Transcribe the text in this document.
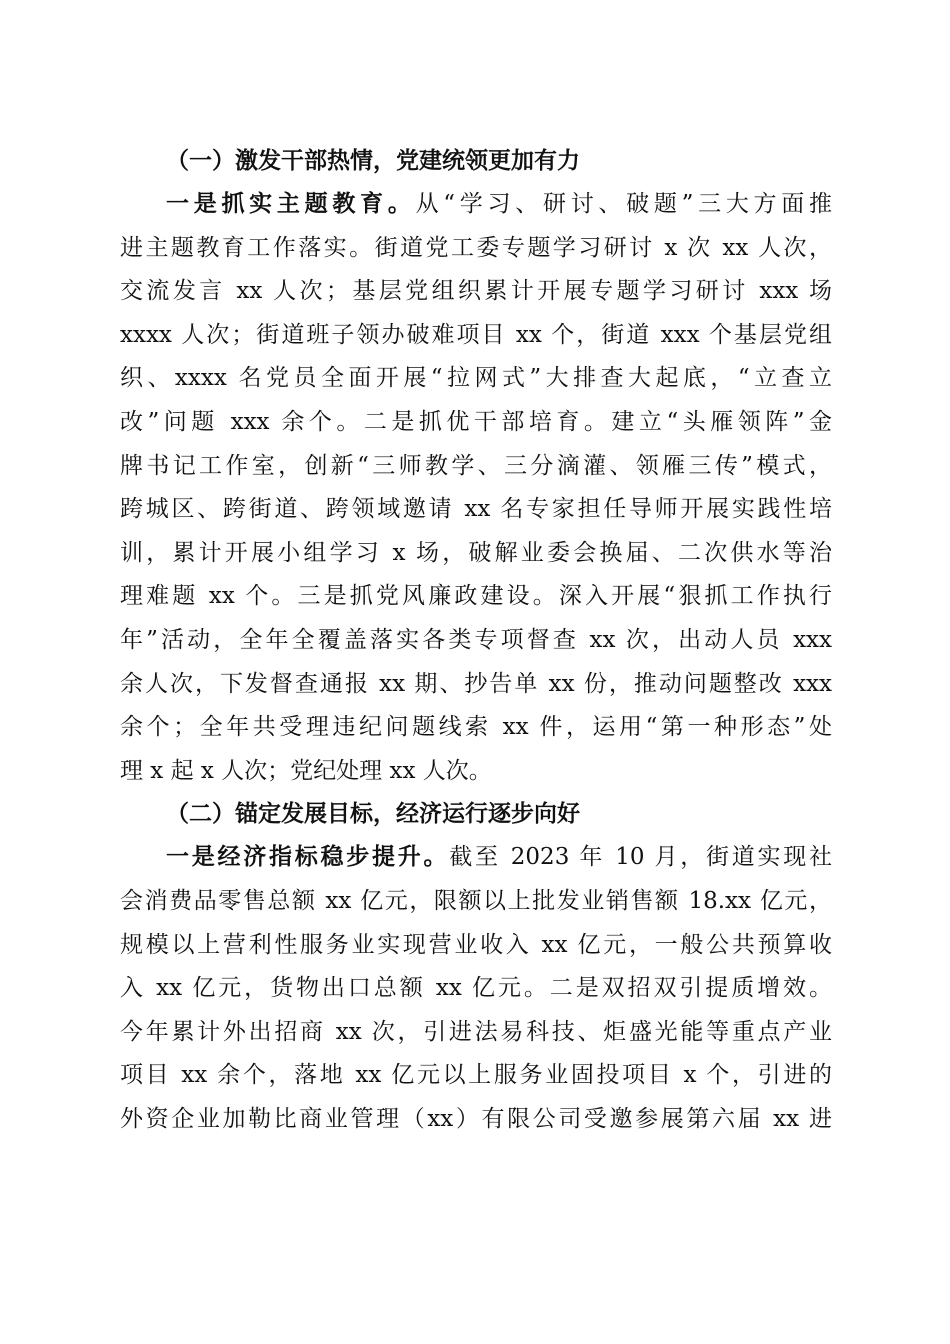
（一）激发干部热情，党建统领更加有力

一是抓实主题教育。从“学习、研讨、破题”三大方面推
进主题教育工作落实。街道党工委专题学习研讨 x 次 xx 人次，
交流发言 xx 人次；基层党组织累计开展专题学习研讨 xxx 场
xxxx 人次；街道班子领办破难项目 xx 个，街道 xxx 个基层党组
织、xxxx 名党员全面开展“拉网式”大排查大起底，“立查立
改”问题 xxx 余个。二是抓优干部培育。建立“头雁领阵”金
牌书记工作室，创新“三师教学、三分滴灌、领雁三传”模式，
跨城区、跨街道、跨领域邀请 xx 名专家担任导师开展实践性培
训，累计开展小组学习 x 场，破解业委会换届、二次供水等治
理难题 xx 个。三是抓党风廉政建设。深入开展“狠抓工作执行
年”活动，全年全覆盖落实各类专项督查 xx 次，出动人员 xxx
余人次，下发督查通报 xx 期、抄告单 xx 份，推动问题整改 xxx
余个；全年共受理违纪问题线索 xx 件，运用“第一种形态”处
理 x 起 x 人次；党纪处理 xx 人次。

（二）锚定发展目标，经济运行逐步向好

一是经济指标稳步提升。截至 2023 年 10 月，街道实现社
会消费品零售总额 xx 亿元，限额以上批发业销售额 18.xx 亿元，
规模以上营利性服务业实现营业收入 xx 亿元，一般公共预算收
入 xx 亿元，货物出口总额 xx 亿元。二是双招双引提质增效。
今年累计外出招商 xx 次，引进法易科技、炬盛光能等重点产业
项目 xx 余个，落地 xx 亿元以上服务业固投项目 x 个，引进的
外资企业加勒比商业管理（xx）有限公司受邀参展第六届 xx 进
